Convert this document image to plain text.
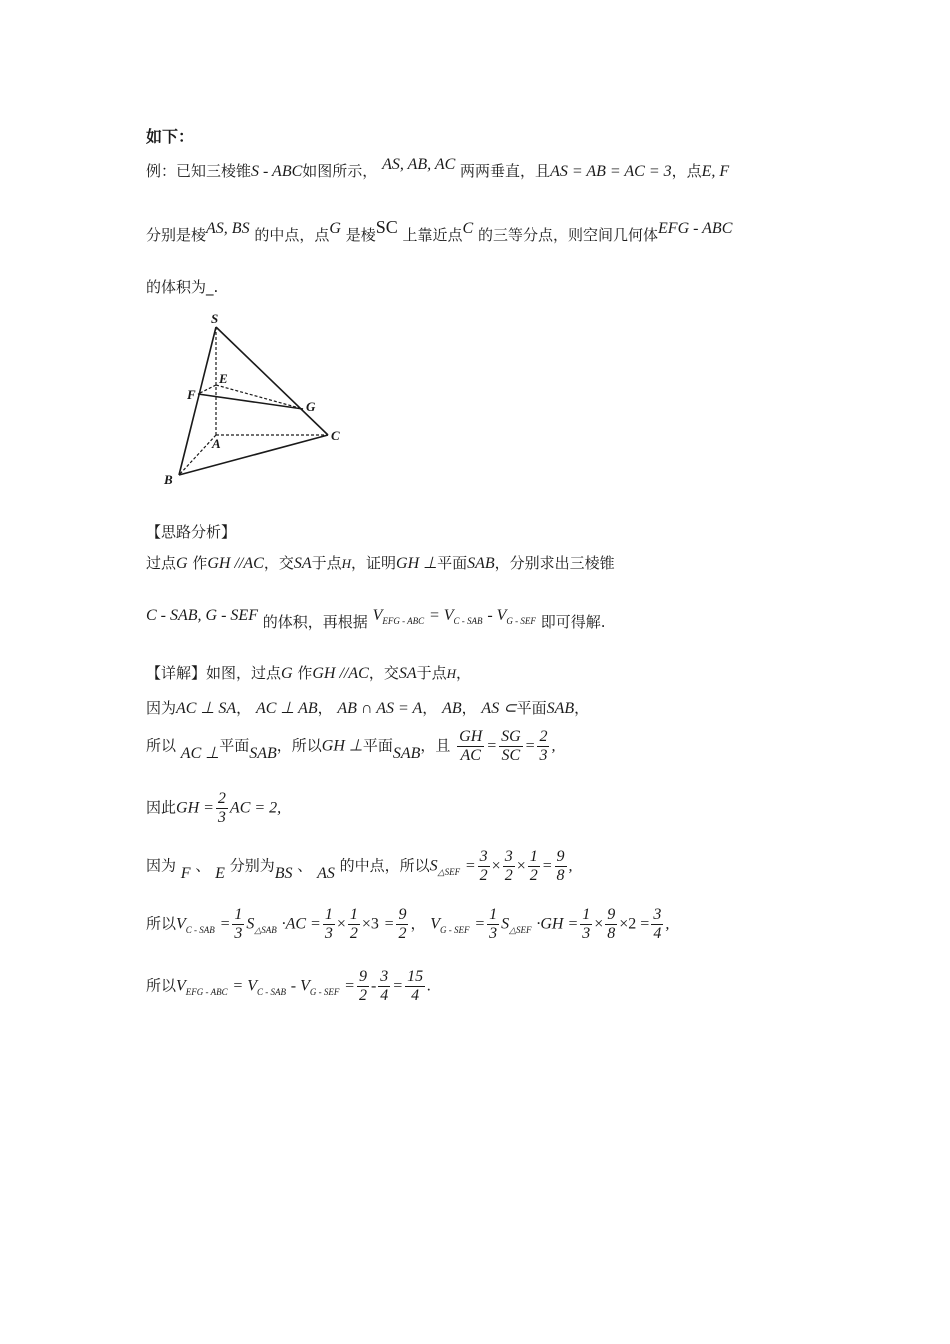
如下：
例：已知三棱锥S - ABC如图所示， AS, AB, AC 两两垂直，且AS = AB = AC = 3，点E, F
分别是棱AS, BS 的中点，点G 是棱SC 上靠近点C 的三等分点，则空间几何体EFG - ABC
的体积为_.
S
E
F
G
A
C
B
【思路分析】
过点G 作GH //AC，交SA于点H，证明GH ⊥平面SAB，分别求出三棱锥
C - SAB, G - SEF 的体积，再根据 $V_{EFG - ABC} = V_{C - SAB} - V_{G - SEF}$ 即可得解.
【详解】如图，过点G 作GH //AC，交SA于点H，
因为AC ⊥ SA， AC ⊥ AB， AB ∩ AS = A， AB， AS ⊂平面SAB，
所以 AC ⊥平面SAB，所以GH ⊥平面SAB，且 $\frac{GH}{AC} = \frac{SG}{SC} = \frac{2}{3}$ ,
因此GH = $\frac{2}{3}$ AC = 2,
因为 F 、 E 分别为BS 、 AS 的中点，所以$S_{\triangle SEF} = \frac{3}{2} \times \frac{3}{2} \times \frac{1}{2} = \frac{9}{8}$ ,
所以$V_{C - SAB} = \frac{1}{3} S_{\triangle SAB} \cdot AC = \frac{1}{3} \times \frac{1}{2} \times 3 = \frac{9}{2}$ ， $V_{G - SEF} = \frac{1}{3} S_{\triangle SEF} \cdot GH = \frac{1}{3} \times \frac{9}{8} \times 2 = \frac{3}{4}$ ,
所以$V_{EFG - ABC} = V_{C - SAB} - V_{G - SEF} = \frac{9}{2} - \frac{3}{4} = \frac{15}{4}$ .
